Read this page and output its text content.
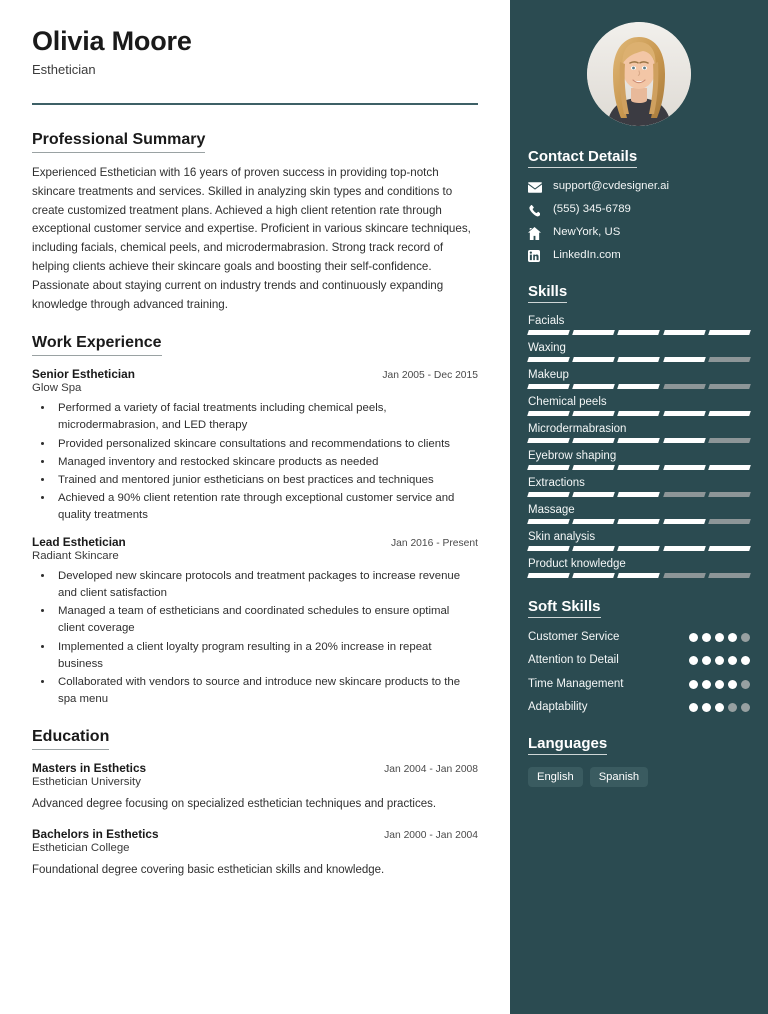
Olivia Moore
Esthetician
Professional Summary
Experienced Esthetician with 16 years of proven success in providing top-notch skincare treatments and services. Skilled in analyzing skin types and conditions to create customized treatment plans. Achieved a high client retention rate through exceptional customer service and expertise. Proficient in various skincare techniques, including facials, chemical peels, and microdermabrasion. Strong track record of helping clients achieve their skincare goals and boosting their self-confidence. Passionate about staying current on industry trends and continuously expanding knowledge through advanced training.
Work Experience
Senior Esthetician	Jan 2005 - Dec 2015
Glow Spa
• Performed a variety of facial treatments including chemical peels, microdermabrasion, and LED therapy
• Provided personalized skincare consultations and recommendations to clients
• Managed inventory and restocked skincare products as needed
• Trained and mentored junior estheticians on best practices and techniques
• Achieved a 90% client retention rate through exceptional customer service and quality treatments
Lead Esthetician	Jan 2016 - Present
Radiant Skincare
• Developed new skincare protocols and treatment packages to increase revenue and client satisfaction
• Managed a team of estheticians and coordinated schedules to ensure optimal client coverage
• Implemented a client loyalty program resulting in a 20% increase in repeat business
• Collaborated with vendors to source and introduce new skincare products to the spa menu
Education
Masters in Esthetics	Jan 2004 - Jan 2008
Esthetician University
Advanced degree focusing on specialized esthetician techniques and practices.
Bachelors in Esthetics	Jan 2000 - Jan 2004
Esthetician College
Foundational degree covering basic esthetician skills and knowledge.
Contact Details
support@cvdesigner.ai
(555) 345-6789
NewYork, US
LinkedIn.com
Skills
Facials
Waxing
Makeup
Chemical peels
Microdermabrasion
Eyebrow shaping
Extractions
Massage
Skin analysis
Product knowledge
Soft Skills
Customer Service
Attention to Detail
Time Management
Adaptability
Languages
English	Spanish
